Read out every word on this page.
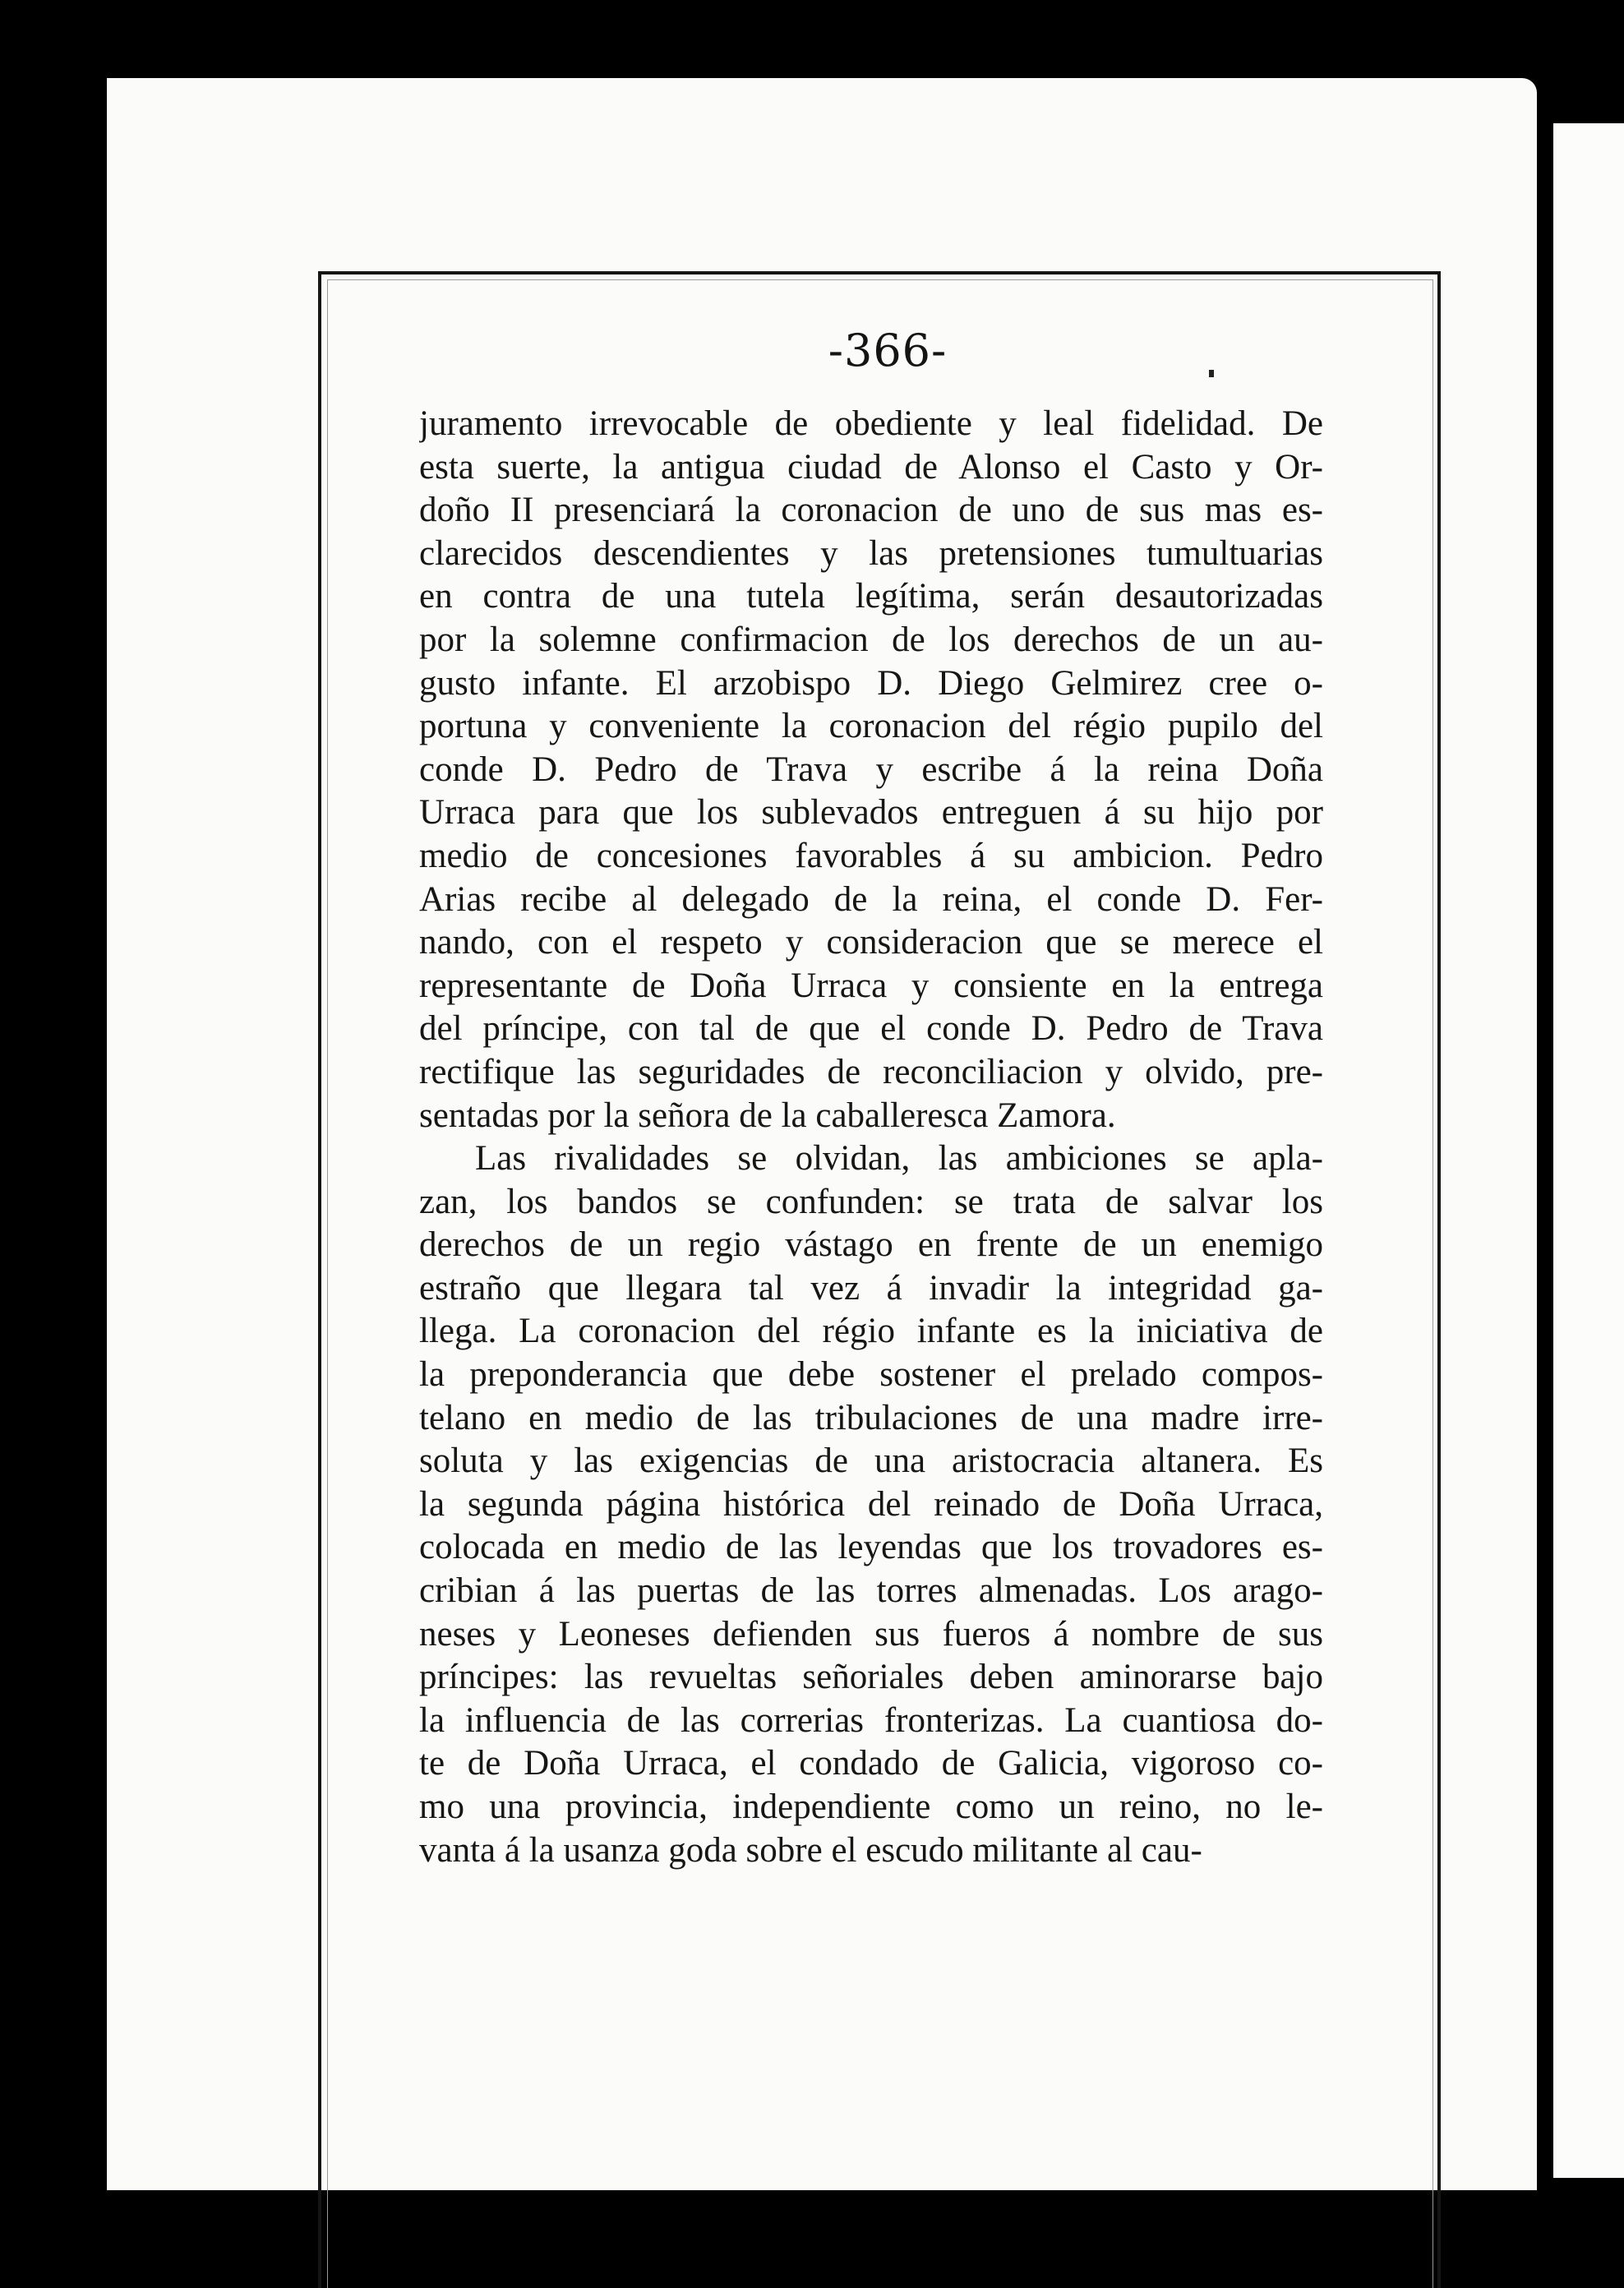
-366-
juramento irrevocable de obediente y leal fidelidad. De
esta suerte, la antigua ciudad de Alonso el Casto y Or-
doño II presenciará la coronacion de uno de sus mas es-
clarecidos descendientes y las pretensiones tumultuarias
en contra de una tutela legítima, serán desautorizadas
por la solemne confirmacion de los derechos de un au-
gusto infante. El arzobispo D. Diego Gelmirez cree o-
portuna y conveniente la coronacion del régio pupilo del
conde D. Pedro de Trava y escribe á la reina Doña
Urraca para que los sublevados entreguen á su hijo por
medio de concesiones favorables á su ambicion. Pedro
Arias recibe al delegado de la reina, el conde D. Fer-
nando, con el respeto y consideracion que se merece el
representante de Doña Urraca y consiente en la entrega
del príncipe, con tal de que el conde D. Pedro de Trava
rectifique las seguridades de reconciliacion y olvido, pre-
sentadas por la señora de la caballeresca Zamora.
Las rivalidades se olvidan, las ambiciones se apla-
zan, los bandos se confunden: se trata de salvar los
derechos de un regio vástago en frente de un enemigo
estraño que llegara tal vez á invadir la integridad ga-
llega. La coronacion del régio infante es la iniciativa de
la preponderancia que debe sostener el prelado compos-
telano en medio de las tribulaciones de una madre irre-
soluta y las exigencias de una aristocracia altanera. Es
la segunda página histórica del reinado de Doña Urraca,
colocada en medio de las leyendas que los trovadores es-
cribian á las puertas de las torres almenadas. Los arago-
neses y Leoneses defienden sus fueros á nombre de sus
príncipes: las revueltas señoriales deben aminorarse bajo
la influencia de las correrias fronterizas. La cuantiosa do-
te de Doña Urraca, el condado de Galicia, vigoroso co-
mo una provincia, independiente como un reino, no le-
vanta á la usanza goda sobre el escudo militante al cau-
